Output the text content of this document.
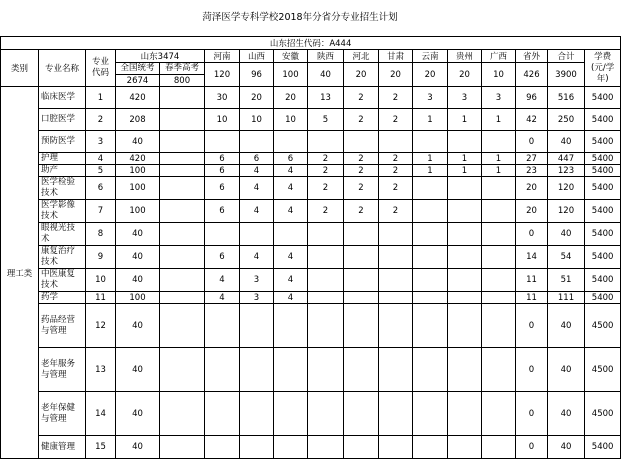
菏泽医学专科学校2018年分省分专业招生计划
山东招生代码：A444																
类别	专业名称	专业代码	山东3474		河南	山西	安徽	陕西	河北	甘肃	云南	贵州	广西	省外	合计	学费(元/学年)
			全国统考	春季高考	120	96	100	40	20	20	20	20	10	426	3900	
			2674	800												
理工类	临床医学	1	420		30	20	20	13	2	2	3	3	3	96	516	5400
	口腔医学	2	208		10	10	10	5	2	2	1	1	1	42	250	5400
	预防医学	3	40											0	40	5400
	护理	4	420		6	6	6	2	2	2	1	1	1	27	447	5400
	助产	5	100		6	4	4	2	2	2	1	1	1	23	123	5400
	医学检验技术	6	100		6	4	4	2	2	2				20	120	5400
	医学影像技术	7	100		6	4	4	2	2	2				20	120	5400
	眼视光技术	8	40											0	40	5400
	康复治疗技术	9	40		6	4	4							14	54	5400
	中医康复技术	10	40		4	3	4							11	51	5400
	药学	11	100		4	3	4							11	111	5400
	药品经营与管理	12	40											0	40	4500
	老年服务与管理	13	40											0	40	4500
	老年保健与管理	14	40											0	40	4500
	健康管理	15	40											0	40	5400
